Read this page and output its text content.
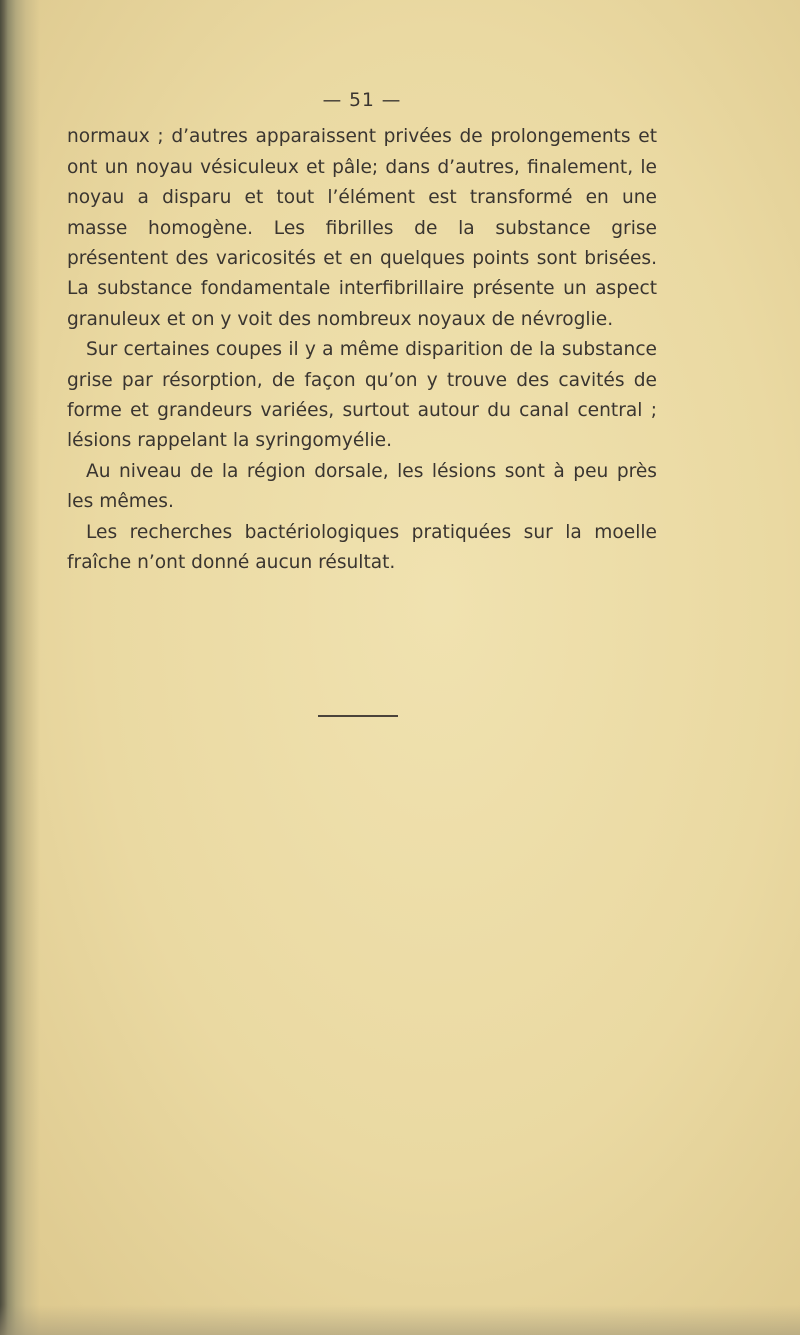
— 51 —

normaux ; d’autres apparaissent privées de prolongements et ont un noyau vésiculeux et pâle; dans d’autres, finalement, le noyau a disparu et tout l’élément est transformé en une masse homogène. Les fibrilles de la substance grise présentent des varicosités et en quelques points sont brisées. La substance fondamentale interfibrillaire présente un aspect granuleux et on y voit des nombreux noyaux de névroglie.

Sur certaines coupes il y a même disparition de la substance grise par résorption, de façon qu’on y trouve des cavités de forme et grandeurs variées, surtout autour du canal central ; lésions rappelant la syringomyélie.

Au niveau de la région dorsale, les lésions sont à peu près les mêmes.

Les recherches bactériologiques pratiquées sur la moelle fraîche n’ont donné aucun résultat.
